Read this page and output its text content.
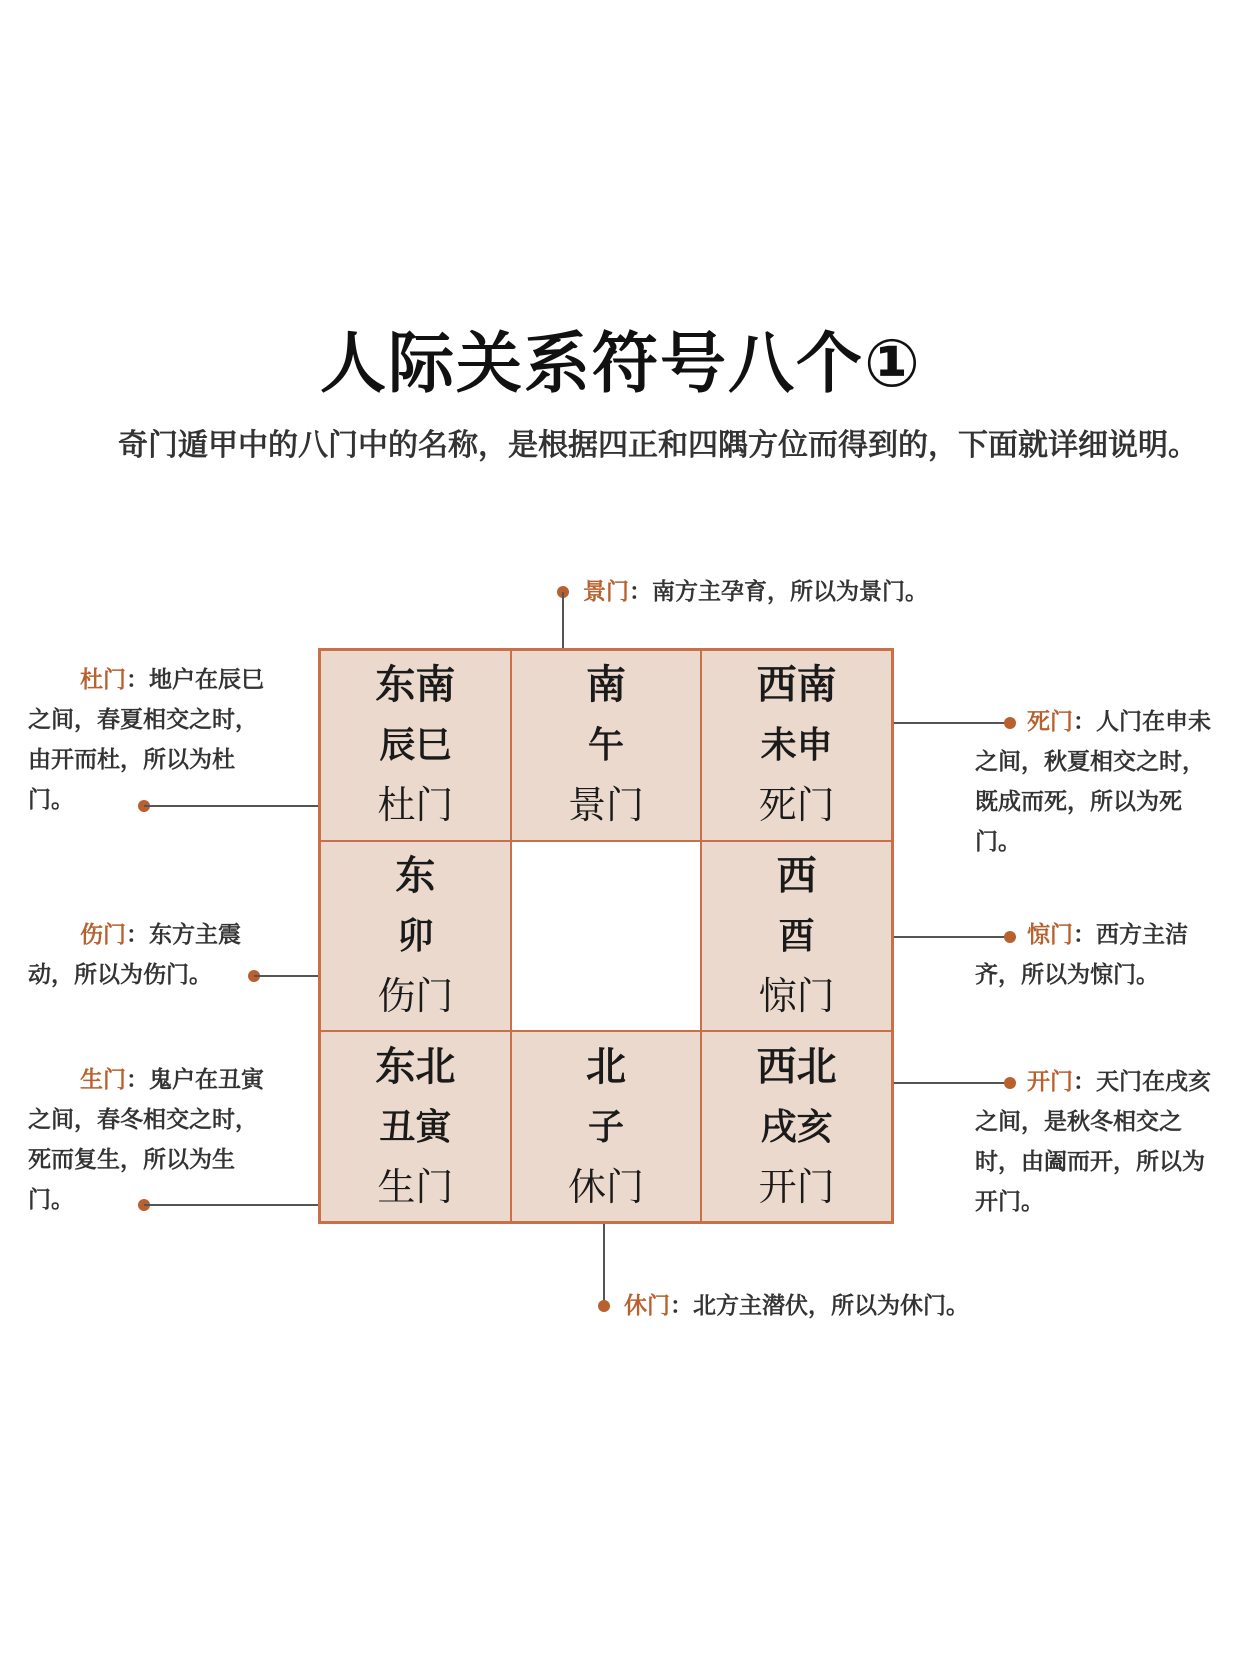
人际关系符号八个①
奇门遁甲中的八门中的名称，是根据四正和四隅方位而得到的，下面就详细说明。
景门：南方主孕育，所以为景门。
杜门：地户在辰巳之间，春夏相交之时，由开而杜，所以为杜门。
死门：人门在申未之间，秋夏相交之时，既成而死，所以为死门。
伤门：东方主震动，所以为伤门。
惊门：西方主洁齐，所以为惊门。
生门：鬼户在丑寅之间，春冬相交之时，死而复生，所以为生门。
开门：天门在戌亥之间，是秋冬相交之时，由阖而开，所以为开门。
休门：北方主潜伏，所以为休门。
东南
辰巳
杜门
南
午
景门
西南
未申
死门
东
卯
伤门
西
酉
惊门
东北
丑寅
生门
北
子
休门
西北
戌亥
开门
